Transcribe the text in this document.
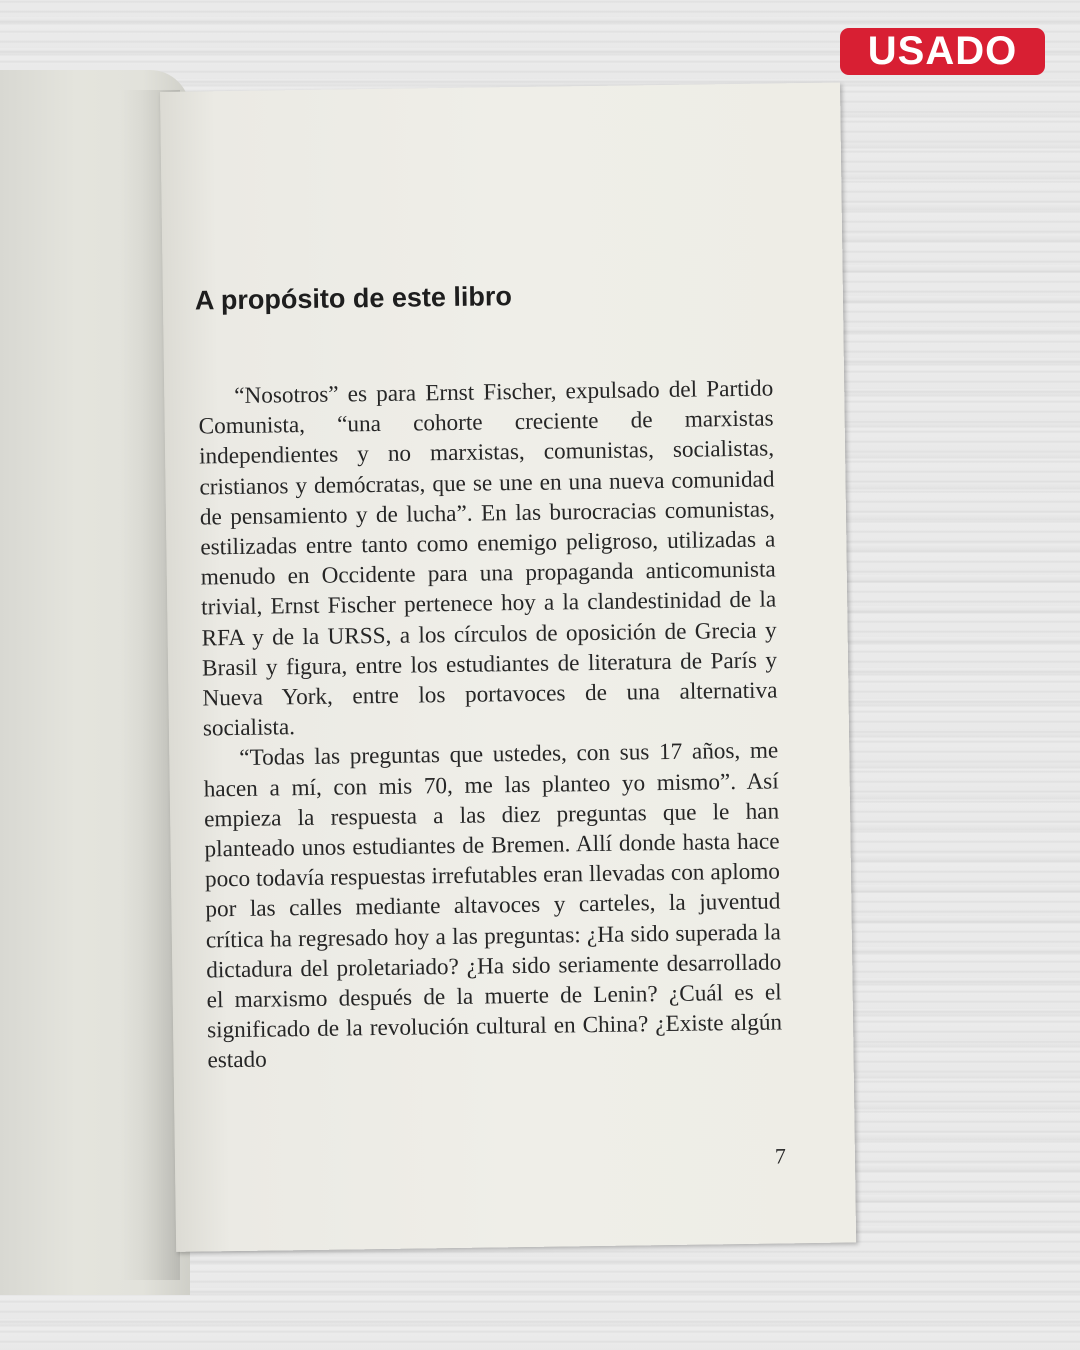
USADO

A propósito de este libro

“Nosotros” es para Ernst Fischer, expulsado del Partido Comunista, “una cohorte creciente de marxistas independientes y no marxistas, comunistas, socialistas, cristianos y demócratas, que se une en una nueva comunidad de pensamiento y de lucha”. En las burocracias comunistas, estilizadas entre tanto como enemigo peligroso, utilizadas a menudo en Occidente para una propaganda anticomunista trivial, Ernst Fischer pertenece hoy a la clandestinidad de la RFA y de la URSS, a los círculos de oposición de Grecia y Brasil y figura, entre los estudiantes de literatura de París y Nueva York, entre los portavoces de una alternativa socialista.

“Todas las preguntas que ustedes, con sus 17 años, me hacen a mí, con mis 70, me las planteo yo mismo”. Así empieza la respuesta a las diez preguntas que le han planteado unos estudiantes de Bremen. Allí donde hasta hace poco todavía respuestas irrefutables eran llevadas con aplomo por las calles mediante altavoces y carteles, la juventud crítica ha regresado hoy a las preguntas: ¿Ha sido superada la dictadura del proletariado? ¿Ha sido seriamente desarrollado el marxismo después de la muerte de Lenin? ¿Cuál es el significado de la revolución cultural en China? ¿Existe algún estado

7
